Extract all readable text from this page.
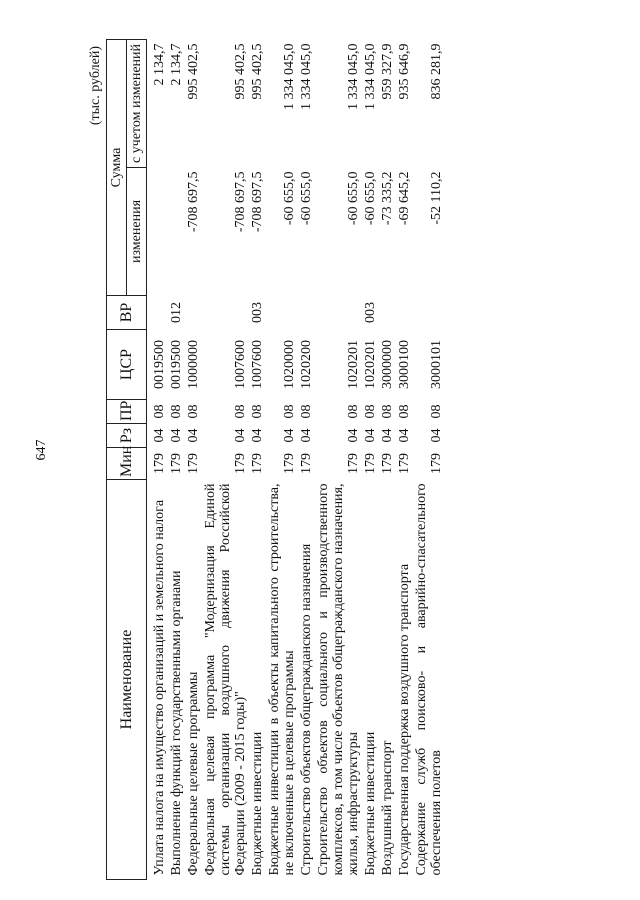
647
(тыс. рублей)
Наименование	Мин	Рз	ПР	ЦСР	ВР	Сумма	
						изменения	с учетом изменений
Уплата налога на имущество организаций и земельного налога	179	04	08	0019500			2 134,7
Выполнение функций государственными органами	179	04	08	0019500	012		2 134,7
Федеральные целевые программы	179	04	08	1000000		-708 697,5	995 402,5
Федеральная целевая программа "Модернизация Единой системы организации воздушного движения Российской Федерации (2009 - 2015 годы)"	179	04	08	1007600		-708 697,5	995 402,5
Бюджетные инвестиции	179	04	08	1007600	003	-708 697,5	995 402,5
Бюджетные инвестиции в объекты капитального строительства, не включенные в целевые программы	179	04	08	1020000		-60 655,0	1 334 045,0
Строительство объектов общегражданского назначения	179	04	08	1020200		-60 655,0	1 334 045,0
Строительство объектов социального и производственного комплексов, в том числе объектов общегражданского назначения, жилья, инфраструктуры	179	04	08	1020201		-60 655,0	1 334 045,0
Бюджетные инвестиции	179	04	08	1020201	003	-60 655,0	1 334 045,0
Воздушный транспорт	179	04	08	3000000		-73 335,2	959 327,9
Государственная поддержка воздушного транспорта	179	04	08	3000100		-69 645,2	935 646,9
Содержание служб поисково- и аварийно-спасательного обеспечения полетов	179	04	08	3000101		-52 110,2	836 281,9
